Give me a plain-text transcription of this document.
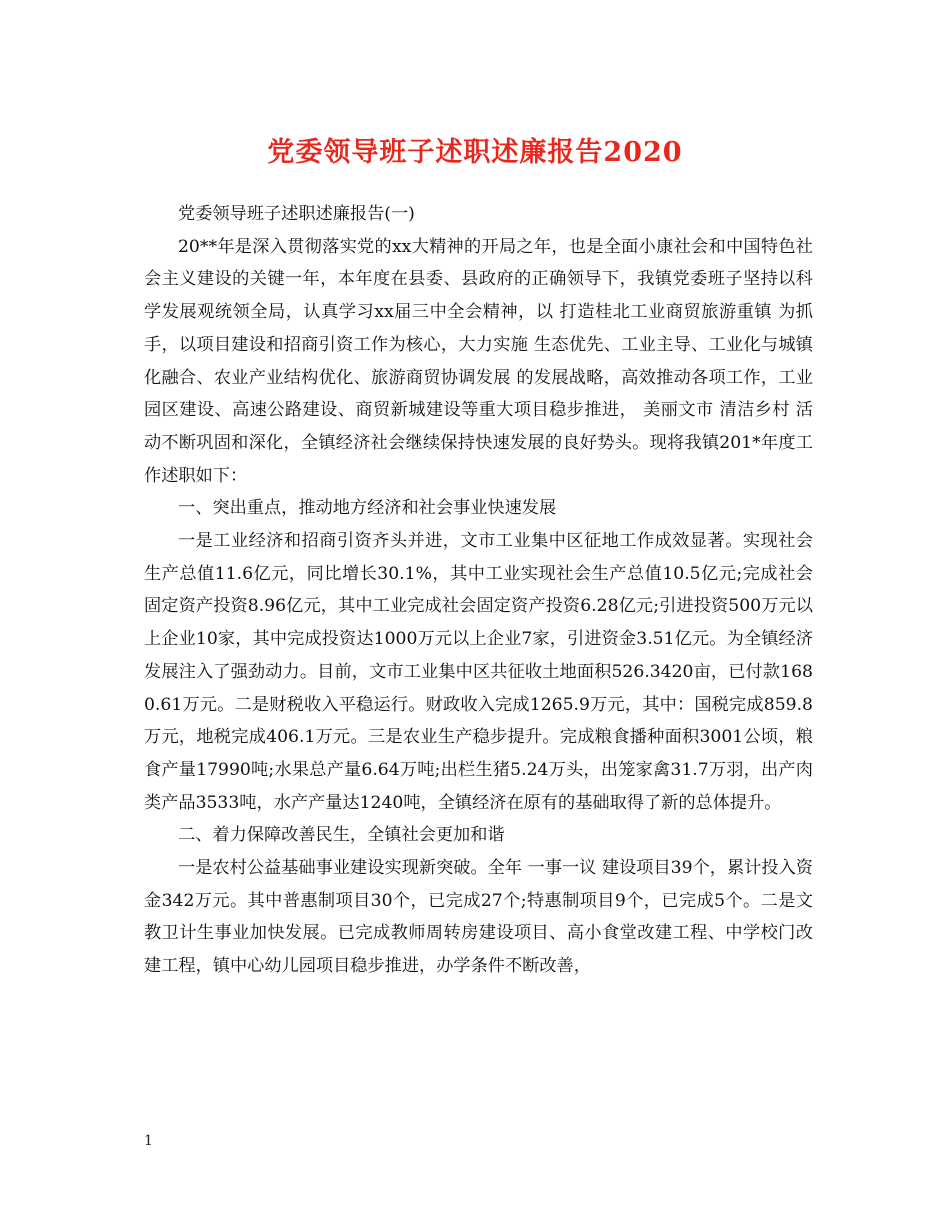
党委领导班子述职述廉报告2020

党委领导班子述职述廉报告(一)

20**年是深入贯彻落实党的xx大精神的开局之年，也是全面小康社会和中国特色社会主义建设的关键一年，本年度在县委、县政府的正确领导下，我镇党委班子坚持以科学发展观统领全局，认真学习xx届三中全会精神，以 打造桂北工业商贸旅游重镇 为抓手，以项目建设和招商引资工作为核心，大力实施 生态优先、工业主导、工业化与城镇化融合、农业产业结构优化、旅游商贸协调发展 的发展战略，高效推动各项工作，工业园区建设、高速公路建设、商贸新城建设等重大项目稳步推进， 美丽文市 清洁乡村 活动不断巩固和深化，全镇经济社会继续保持快速发展的良好势头。现将我镇201*年度工作述职如下：

一、突出重点，推动地方经济和社会事业快速发展

一是工业经济和招商引资齐头并进，文市工业集中区征地工作成效显著。实现社会生产总值11.6亿元，同比增长30.1%，其中工业实现社会生产总值10.5亿元;完成社会固定资产投资8.96亿元，其中工业完成社会固定资产投资6.28亿元;引进投资500万元以上企业10家，其中完成投资达1000万元以上企业7家，引进资金3.51亿元。为全镇经济发展注入了强劲动力。目前，文市工业集中区共征收土地面积526.3420亩，已付款1680.61万元。二是财税收入平稳运行。财政收入完成1265.9万元，其中：国税完成859.8万元，地税完成406.1万元。三是农业生产稳步提升。完成粮食播种面积3001公顷，粮食产量17990吨;水果总产量6.64万吨;出栏生猪5.24万头，出笼家禽31.7万羽，出产肉类产品3533吨，水产产量达1240吨，全镇经济在原有的基础取得了新的总体提升。

二、着力保障改善民生，全镇社会更加和谐

一是农村公益基础事业建设实现新突破。全年 一事一议 建设项目39个，累计投入资金342万元。其中普惠制项目30个，已完成27个;特惠制项目9个，已完成5个。二是文教卫计生事业加快发展。已完成教师周转房建设项目、高小食堂改建工程、中学校门改建工程，镇中心幼儿园项目稳步推进，办学条件不断改善，

1
